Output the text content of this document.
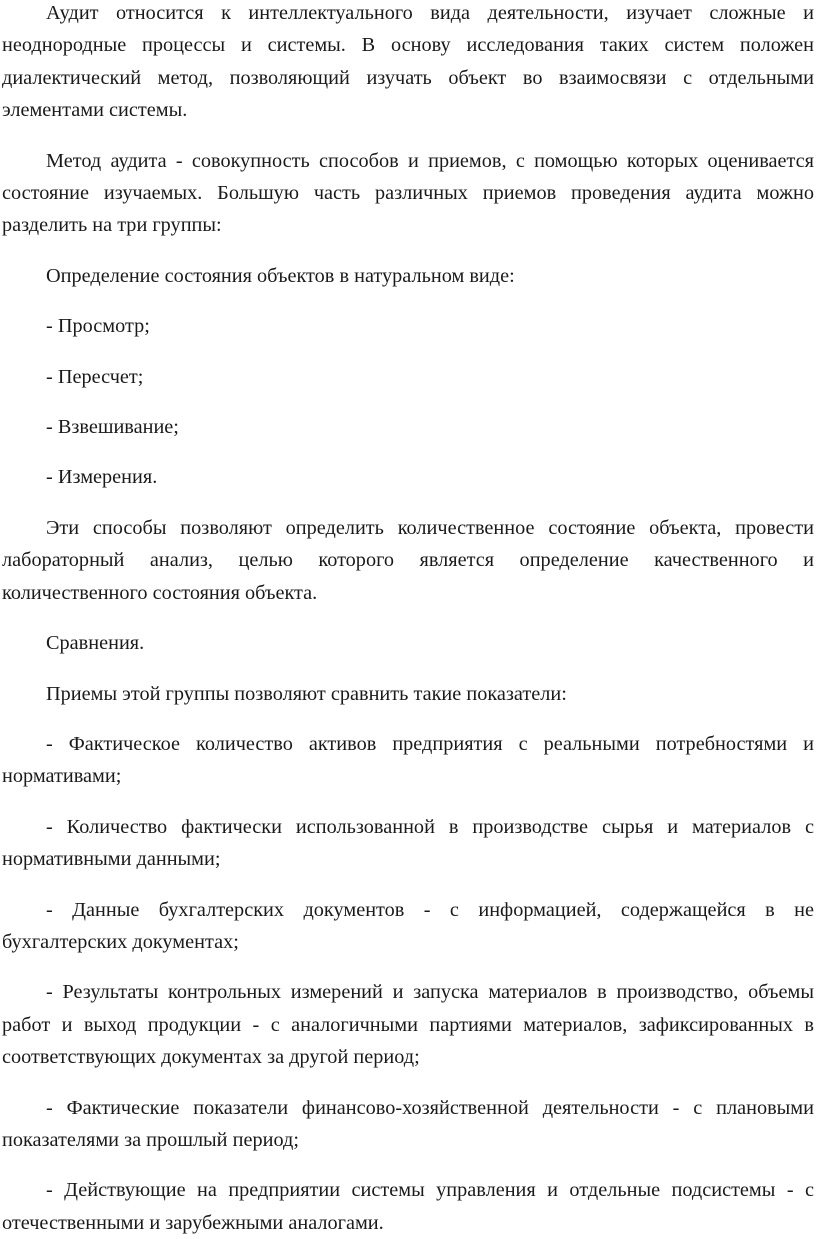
Аудит относится к интеллектуального вида деятельности, изучает сложные и неоднородные процессы и системы. В основу исследования таких систем положен диалектический метод, позволяющий изучать объект во взаимосвязи с отдельными элементами системы.

Метод аудита - совокупность способов и приемов, с помощью которых оценивается состояние изучаемых. Большую часть различных приемов проведения аудита можно разделить на три группы:

Определение состояния объектов в натуральном виде:

- Просмотр;

- Пересчет;

- Взвешивание;

- Измерения.

Эти способы позволяют определить количественное состояние объекта, провести лабораторный анализ, целью которого является определение качественного и количественного состояния объекта.

Сравнения.

Приемы этой группы позволяют сравнить такие показатели:

- Фактическое количество активов предприятия с реальными потребностями и нормативами;

- Количество фактически использованной в производстве сырья и материалов с нормативными данными;

- Данные бухгалтерских документов - с информацией, содержащейся в не бухгалтерских документах;

- Результаты контрольных измерений и запуска материалов в производство, объемы работ и выход продукции - с аналогичными партиями материалов, зафиксированных в соответствующих документах за другой период;

- Фактические показатели финансово-хозяйственной деятельности - с плановыми показателями за прошлый период;

- Действующие на предприятии системы управления и отдельные подсистемы - с отечественными и зарубежными аналогами.
